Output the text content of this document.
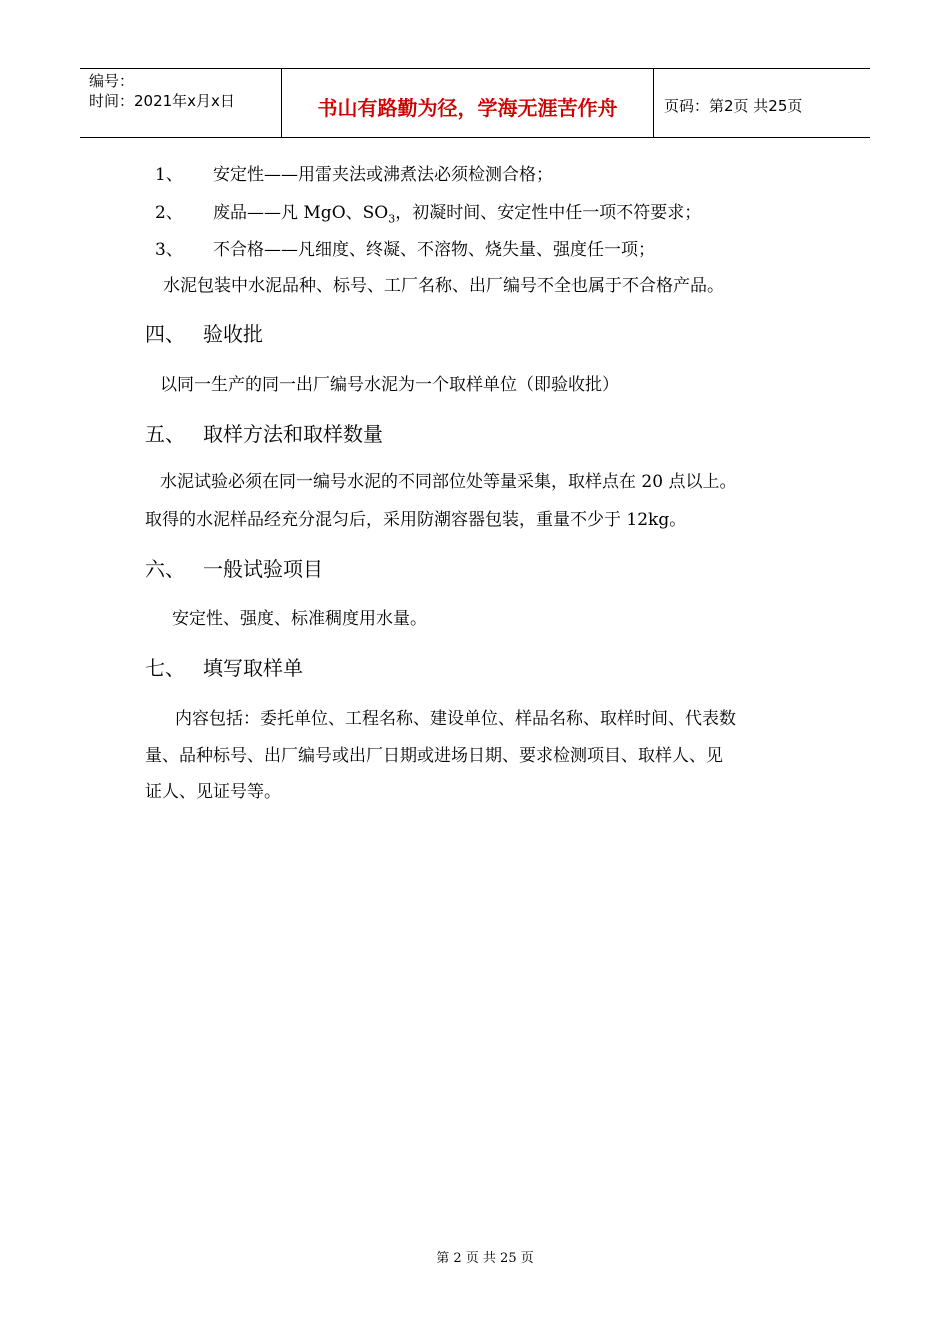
编号：
时间：2021年x月x日	书山有路勤为径，学海无涯苦作舟	页码：第2页 共25页
1、 安定性——用雷夹法或沸煮法必须检测合格；
2、 废品——凡 MgO、$SO_3$，初凝时间、安定性中任一项不符要求；
3、 不合格——凡细度、终凝、不溶物、烧失量、强度任一项；
水泥包装中水泥品种、标号、工厂名称、出厂编号不全也属于不合格产品。
四、 验收批
以同一生产的同一出厂编号水泥为一个取样单位（即验收批）
五、 取样方法和取样数量
水泥试验必须在同一编号水泥的不同部位处等量采集，取样点在 20 点以上。
取得的水泥样品经充分混匀后，采用防潮容器包装，重量不少于 12kg。
六、 一般试验项目
安定性、强度、标准稠度用水量。
七、 填写取样单
内容包括：委托单位、工程名称、建设单位、样品名称、取样时间、代表数
量、品种标号、出厂编号或出厂日期或进场日期、要求检测项目、取样人、见
证人、见证号等。
第 2 页 共 25 页
